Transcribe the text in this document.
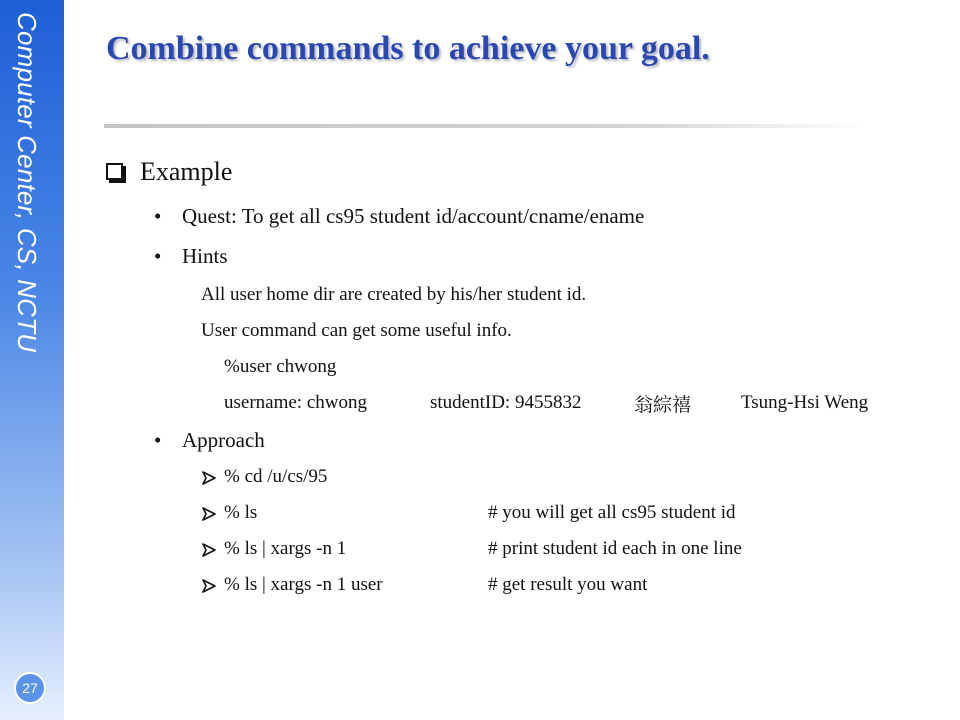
Computer Center, CS, NCTU
27
Combine commands to achieve your goal.
Example
• Quest: To get all cs95 student id/account/cname/ename
• Hints
All user home dir are created by his/her student id.
User command can get some useful info.
%user chwong
username: chwong	studentID: 9455832	翁綜禧	Tsung-Hsi Weng
• Approach
% cd /u/cs/95
% ls	# you will get all cs95 student id
% ls | xargs -n 1	# print student id each in one line
% ls | xargs -n 1 user	# get result you want
